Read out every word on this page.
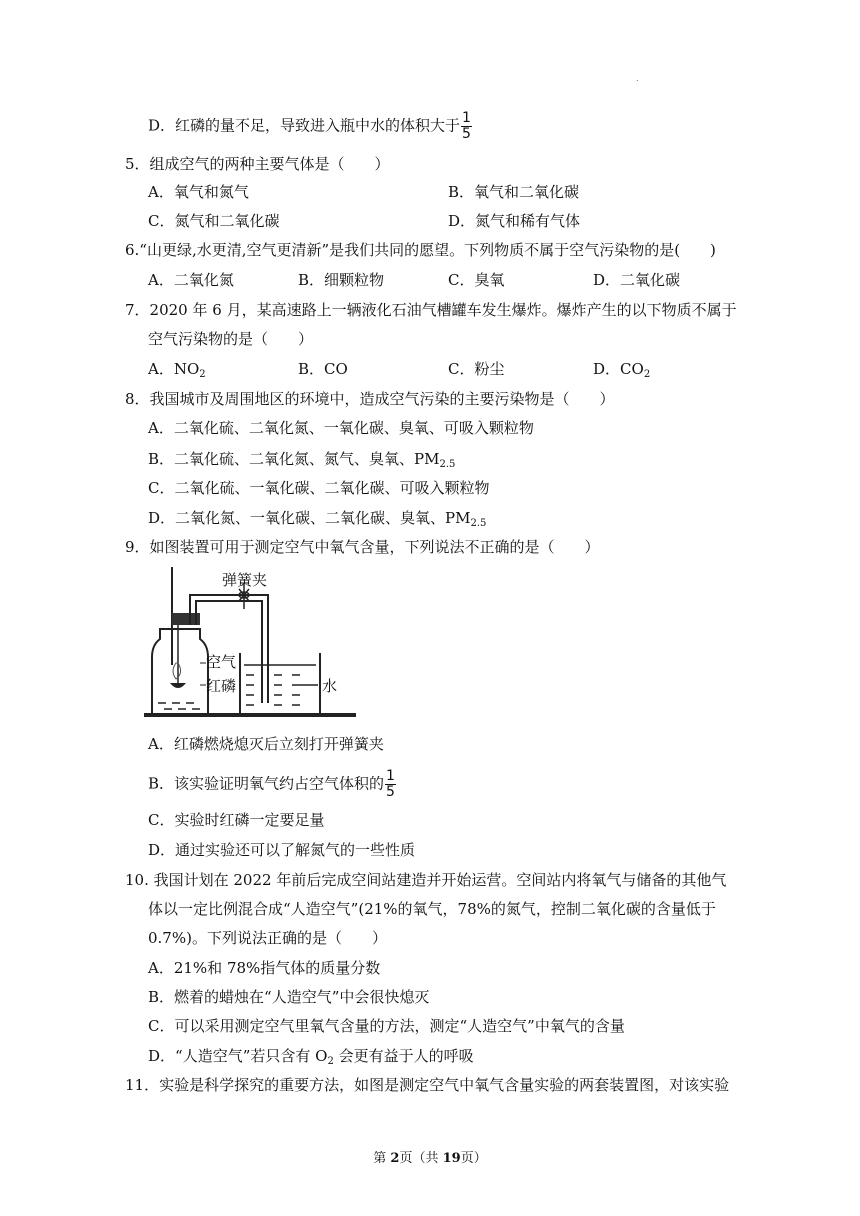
.
D．红磷的量不足，导致进入瓶中水的体积大于 $\frac{1}{5}$
5．组成空气的两种主要气体是（　　）
A．氧气和氮气	B．氧气和二氧化碳
C．氮气和二氧化碳	D．氮气和稀有气体
6.“山更绿,水更清,空气更清新”是我们共同的愿望。下列物质不属于空气污染物的是(　　)
A．二氧化氮	B．细颗粒物	C．臭氧	D．二氧化碳
7．2020 年 6 月，某高速路上一辆液化石油气槽罐车发生爆炸。爆炸产生的以下物质不属于
空气污染物的是（　　）
A．$NO_2$	B．CO	C．粉尘	D．$CO_2$
8．我国城市及周围地区的环境中，造成空气污染的主要污染物是（　　）
A．二氧化硫、二氧化氮、一氧化碳、臭氧、可吸入颗粒物
B．二氧化硫、二氧化氮、氮气、臭氧、$PM_{2.5}$
C．二氧化硫、一氧化碳、二氧化碳、可吸入颗粒物
D．二氧化氮、一氧化碳、二氧化碳、臭氧、$PM_{2.5}$
9．如图装置可用于测定空气中氧气含量，下列说法不正确的是（　　）
弹簧夹
空气
红磷	水
A．红磷燃烧熄灭后立刻打开弹簧夹
B．该实验证明氧气约占空气体积的 $\frac{1}{5}$
C．实验时红磷一定要足量
D．通过实验还可以了解氮气的一些性质
10. 我国计划在 2022 年前后完成空间站建造并开始运营。空间站内将氧气与储备的其他气
体以一定比例混合成“人造空气”(21%的氧气，78%的氮气，控制二氧化碳的含量低于
0.7%)。下列说法正确的是（　　）
A．21%和 78%指气体的质量分数
B．燃着的蜡烛在“人造空气”中会很快熄灭
C．可以采用测定空气里氧气含量的方法，测定“人造空气”中氧气的含量
D．“人造空气”若只含有 $O_2$ 会更有益于人的呼吸
11．实验是科学探究的重要方法，如图是测定空气中氧气含量实验的两套装置图，对该实验
第 2页（共 19页）
